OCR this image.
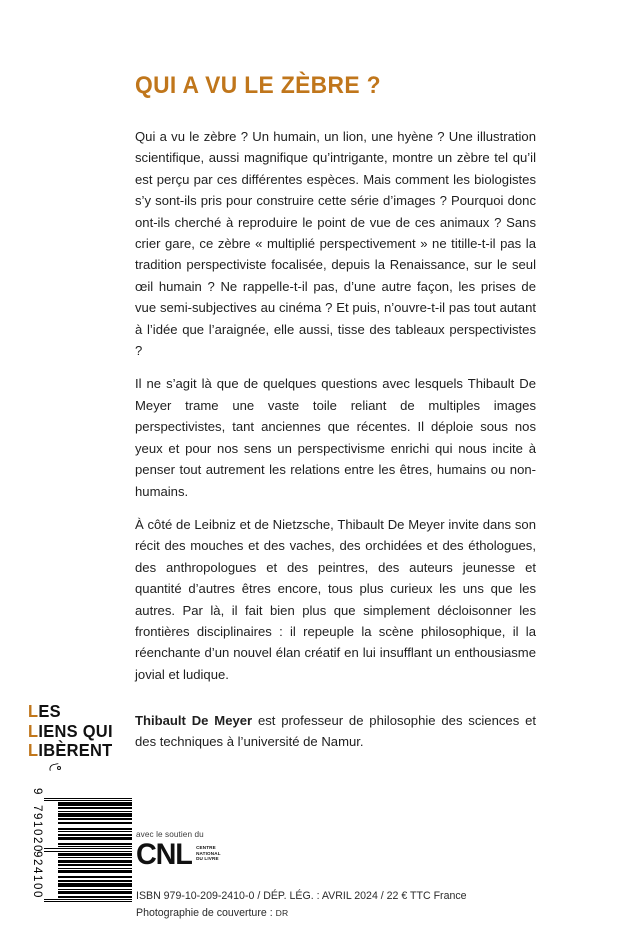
QUI A VU LE ZÈBRE ?

Qui a vu le zèbre ? Un humain, un lion, une hyène ? Une illustration scientifique, aussi magnifique qu’intrigante, montre un zèbre tel qu’il est perçu par ces différentes espèces. Mais comment les biologistes s’y sont-ils pris pour construire cette série d’images ? Pourquoi donc ont-ils cherché à reproduire le point de vue de ces animaux ? Sans crier gare, ce zèbre « multiplié perspectivement » ne titille-t-il pas la tradition perspectiviste focalisée, depuis la Renaissance, sur le seul œil humain ? Ne rappelle-t-il pas, d’une autre façon, les prises de vue semi-subjectives au cinéma ? Et puis, n’ouvre-t-il pas tout autant à l’idée que l’araignée, elle aussi, tisse des tableaux perspectivistes ?

Il ne s’agit là que de quelques questions avec lesquels Thibault De Meyer trame une vaste toile reliant de multiples images perspectivistes, tant anciennes que récentes. Il déploie sous nos yeux et pour nos sens un perspectivisme enrichi qui nous incite à penser tout autrement les relations entre les êtres, humains ou non-humains.

À côté de Leibniz et de Nietzsche, Thibault De Meyer invite dans son récit des mouches et des vaches, des orchidées et des éthologues, des anthropologues et des peintres, des auteurs jeunesse et quantité d’autres êtres encore, tous plus curieux les uns que les autres. Par là, il fait bien plus que simplement décloisonner les frontières disciplinaires : il repeuple la scène philosophique, il la réenchante d’un nouvel élan créatif en lui insufflant un enthousiasme jovial et ludique.

Thibault De Meyer est professeur de philosophie des sciences et des techniques à l’université de Namur.
LES
LIENS QUI
LIBÈRENT
9
791020
924100
avec le soutien du
CNL CENTRE
NATIONAL
DU LIVRE
ISBN 979-10-209-2410-0 / DÉP. LÉG. : AVRIL 2024 / 22 € TTC France
Photographie de couverture : DR
